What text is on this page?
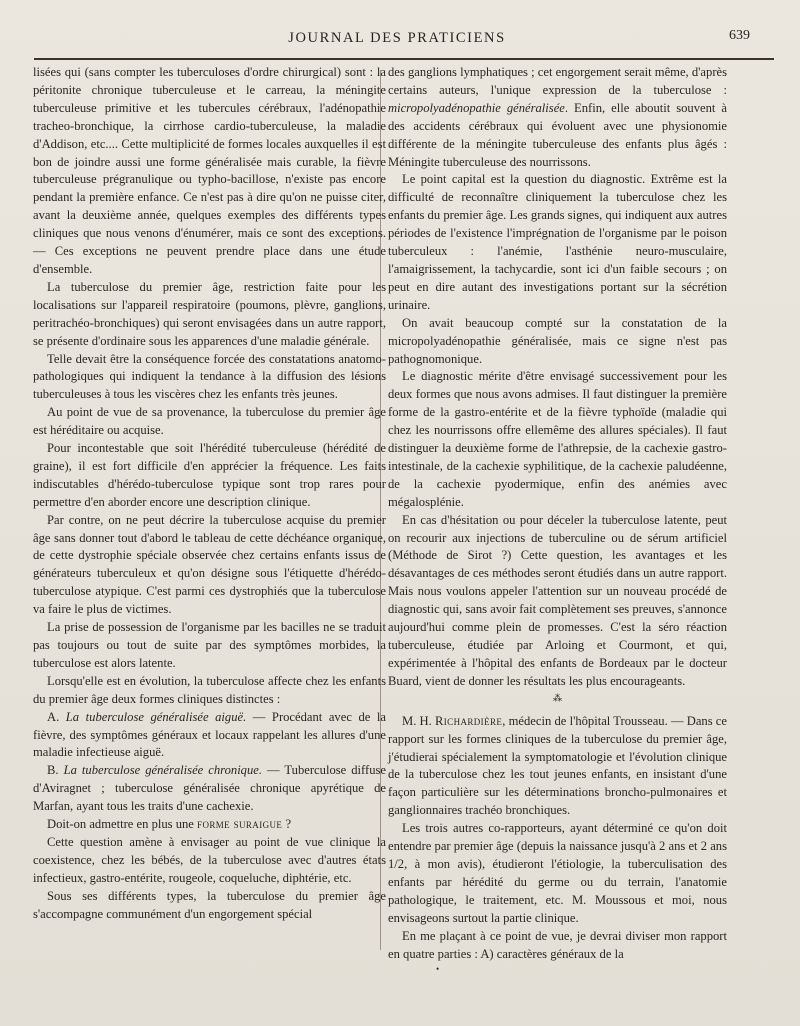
JOURNAL DES PRATICIENS	639

lisées qui (sans compter les tuberculoses d'ordre chirurgical) sont : la péritonite chronique tuberculeuse et le carreau, la méningite tuberculeuse primitive et les tubercules cérébraux, l'adénopathie tracheo-bronchique, la cirrhose cardio-tuberculeuse, la maladie d'Addison, etc.... Cette multiplicité de formes locales auxquelles il est bon de joindre aussi une forme généralisée mais curable, la fièvre tuberculeuse prégranulique ou typho-bacillose, n'existe pas encore pendant la première enfance. Ce n'est pas à dire qu'on ne puisse citer, avant la deuxième année, quelques exemples des différents types cliniques que nous venons d'énumérer, mais ce sont des exceptions. — Ces exceptions ne peuvent prendre place dans une étude d'ensemble.

La tuberculose du premier âge, restriction faite pour les localisations sur l'appareil respiratoire (poumons, plèvre, ganglions, peritrachéo-bronchiques) qui seront envisagées dans un autre rapport, se présente d'ordinaire sous les apparences d'une maladie générale.

Telle devait être la conséquence forcée des constatations anatomo-pathologiques qui indiquent la tendance à la diffusion des lésions tuberculeuses à tous les viscères chez les enfants très jeunes.

Au point de vue de sa provenance, la tuberculose du premier âge est héréditaire ou acquise.

Pour incontestable que soit l'hérédité tuberculeuse (hérédité de graine), il est fort difficile d'en apprécier la fréquence. Les faits indiscutables d'hérédo-tuberculose typique sont trop rares pour permettre d'en aborder encore une description clinique.

Par contre, on ne peut décrire la tuberculose acquise du premier âge sans donner tout d'abord le tableau de cette déchéance organique, de cette dystrophie spéciale observée chez certains enfants issus de générateurs tuberculeux et qu'on désigne sous l'étiquette d'hérédo-tuberculose atypique. C'est parmi ces dystrophiés que la tuberculose va faire le plus de victimes.

La prise de possession de l'organisme par les bacilles ne se traduit pas toujours ou tout de suite par des symptômes morbides, la tuberculose est alors latente.

Lorsqu'elle est en évolution, la tuberculose affecte chez les enfants du premier âge deux formes cliniques distinctes :

A. La tuberculose généralisée aiguë. — Procédant avec de la fièvre, des symptômes généraux et locaux rappelant les allures d'une maladie infectieuse aiguë.

B. La tuberculose généralisée chronique. — Tuberculose diffuse d'Aviragnet ; tuberculose généralisée chronique apyrétique de Marfan, ayant tous les traits d'une cachexie.

Doit-on admettre en plus une forme suraigue ?

Cette question amène à envisager au point de vue clinique la coexistence, chez les bébés, de la tuberculose avec d'autres états infectieux, gastro-entérite, rougeole, coqueluche, diphtérie, etc.

Sous ses différents types, la tuberculose du premier âge s'accompagne communément d'un engorgement spécial

des ganglions lymphatiques ; cet engorgement serait même, d'après certains auteurs, l'unique expression de la tuberculose : micropolyadénopathie généralisée. Enfin, elle aboutit souvent à des accidents cérébraux qui évoluent avec une physionomie différente de la méningite tuberculeuse des enfants plus âgés : Méningite tuberculeuse des nourrissons.

Le point capital est la question du diagnostic. Extrême est la difficulté de reconnaître cliniquement la tuberculose chez les enfants du premier âge. Les grands signes, qui indiquent aux autres périodes de l'existence l'imprégnation de l'organisme par le poison tuberculeux : l'anémie, l'asthénie neuro-musculaire, l'amaigrissement, la tachycardie, sont ici d'un faible secours ; on peut en dire autant des investigations portant sur la sécrétion urinaire.

On avait beaucoup compté sur la constatation de la micropolyadénopathie généralisée, mais ce signe n'est pas pathognomonique.

Le diagnostic mérite d'être envisagé successivement pour les deux formes que nous avons admises. Il faut distinguer la première forme de la gastro-entérite et de la fièvre typhoïde (maladie qui chez les nourrissons offre ellemême des allures spéciales). Il faut distinguer la deuxième forme de l'athrepsie, de la cachexie gastro-intestinale, de la cachexie syphilitique, de la cachexie paludéenne, de la cachexie pyodermique, enfin des anémies avec mégalosplénie.

En cas d'hésitation ou pour déceler la tuberculose latente, peut on recourir aux injections de tuberculine ou de sérum artificiel (Méthode de Sirot ?) Cette question, les avantages et les désavantages de ces méthodes seront étudiés dans un autre rapport. Mais nous voulons appeler l'attention sur un nouveau procédé de diagnostic qui, sans avoir fait complètement ses preuves, s'annonce aujourd'hui comme plein de promesses. C'est la séro réaction tuberculeuse, étudiée par Arloing et Courmont, et qui, expérimentée à l'hôpital des enfants de Bordeaux par le docteur Buard, vient de donner les résultats les plus encourageants.

⁂

M. H. Richardière, médecin de l'hôpital Trousseau. — Dans ce rapport sur les formes cliniques de la tuberculose du premier âge, j'étudierai spécialement la symptomatologie et l'évolution clinique de la tuberculose chez les tout jeunes enfants, en insistant d'une façon particulière sur les déterminations broncho-pulmonaires et ganglionnaires trachéo bronchiques.

Les trois autres co-rapporteurs, ayant déterminé ce qu'on doit entendre par premier âge (depuis la naissance jusqu'à 2 ans et 2 ans 1/2, à mon avis), étudieront l'étiologie, la tuberculisation des enfants par hérédité du germe ou du terrain, l'anatomie pathologique, le traitement, etc. M. Moussous et moi, nous envisageons surtout la partie clinique.

En me plaçant à ce point de vue, je devrai diviser mon rapport en quatre parties : A) caractères généraux de la

•
